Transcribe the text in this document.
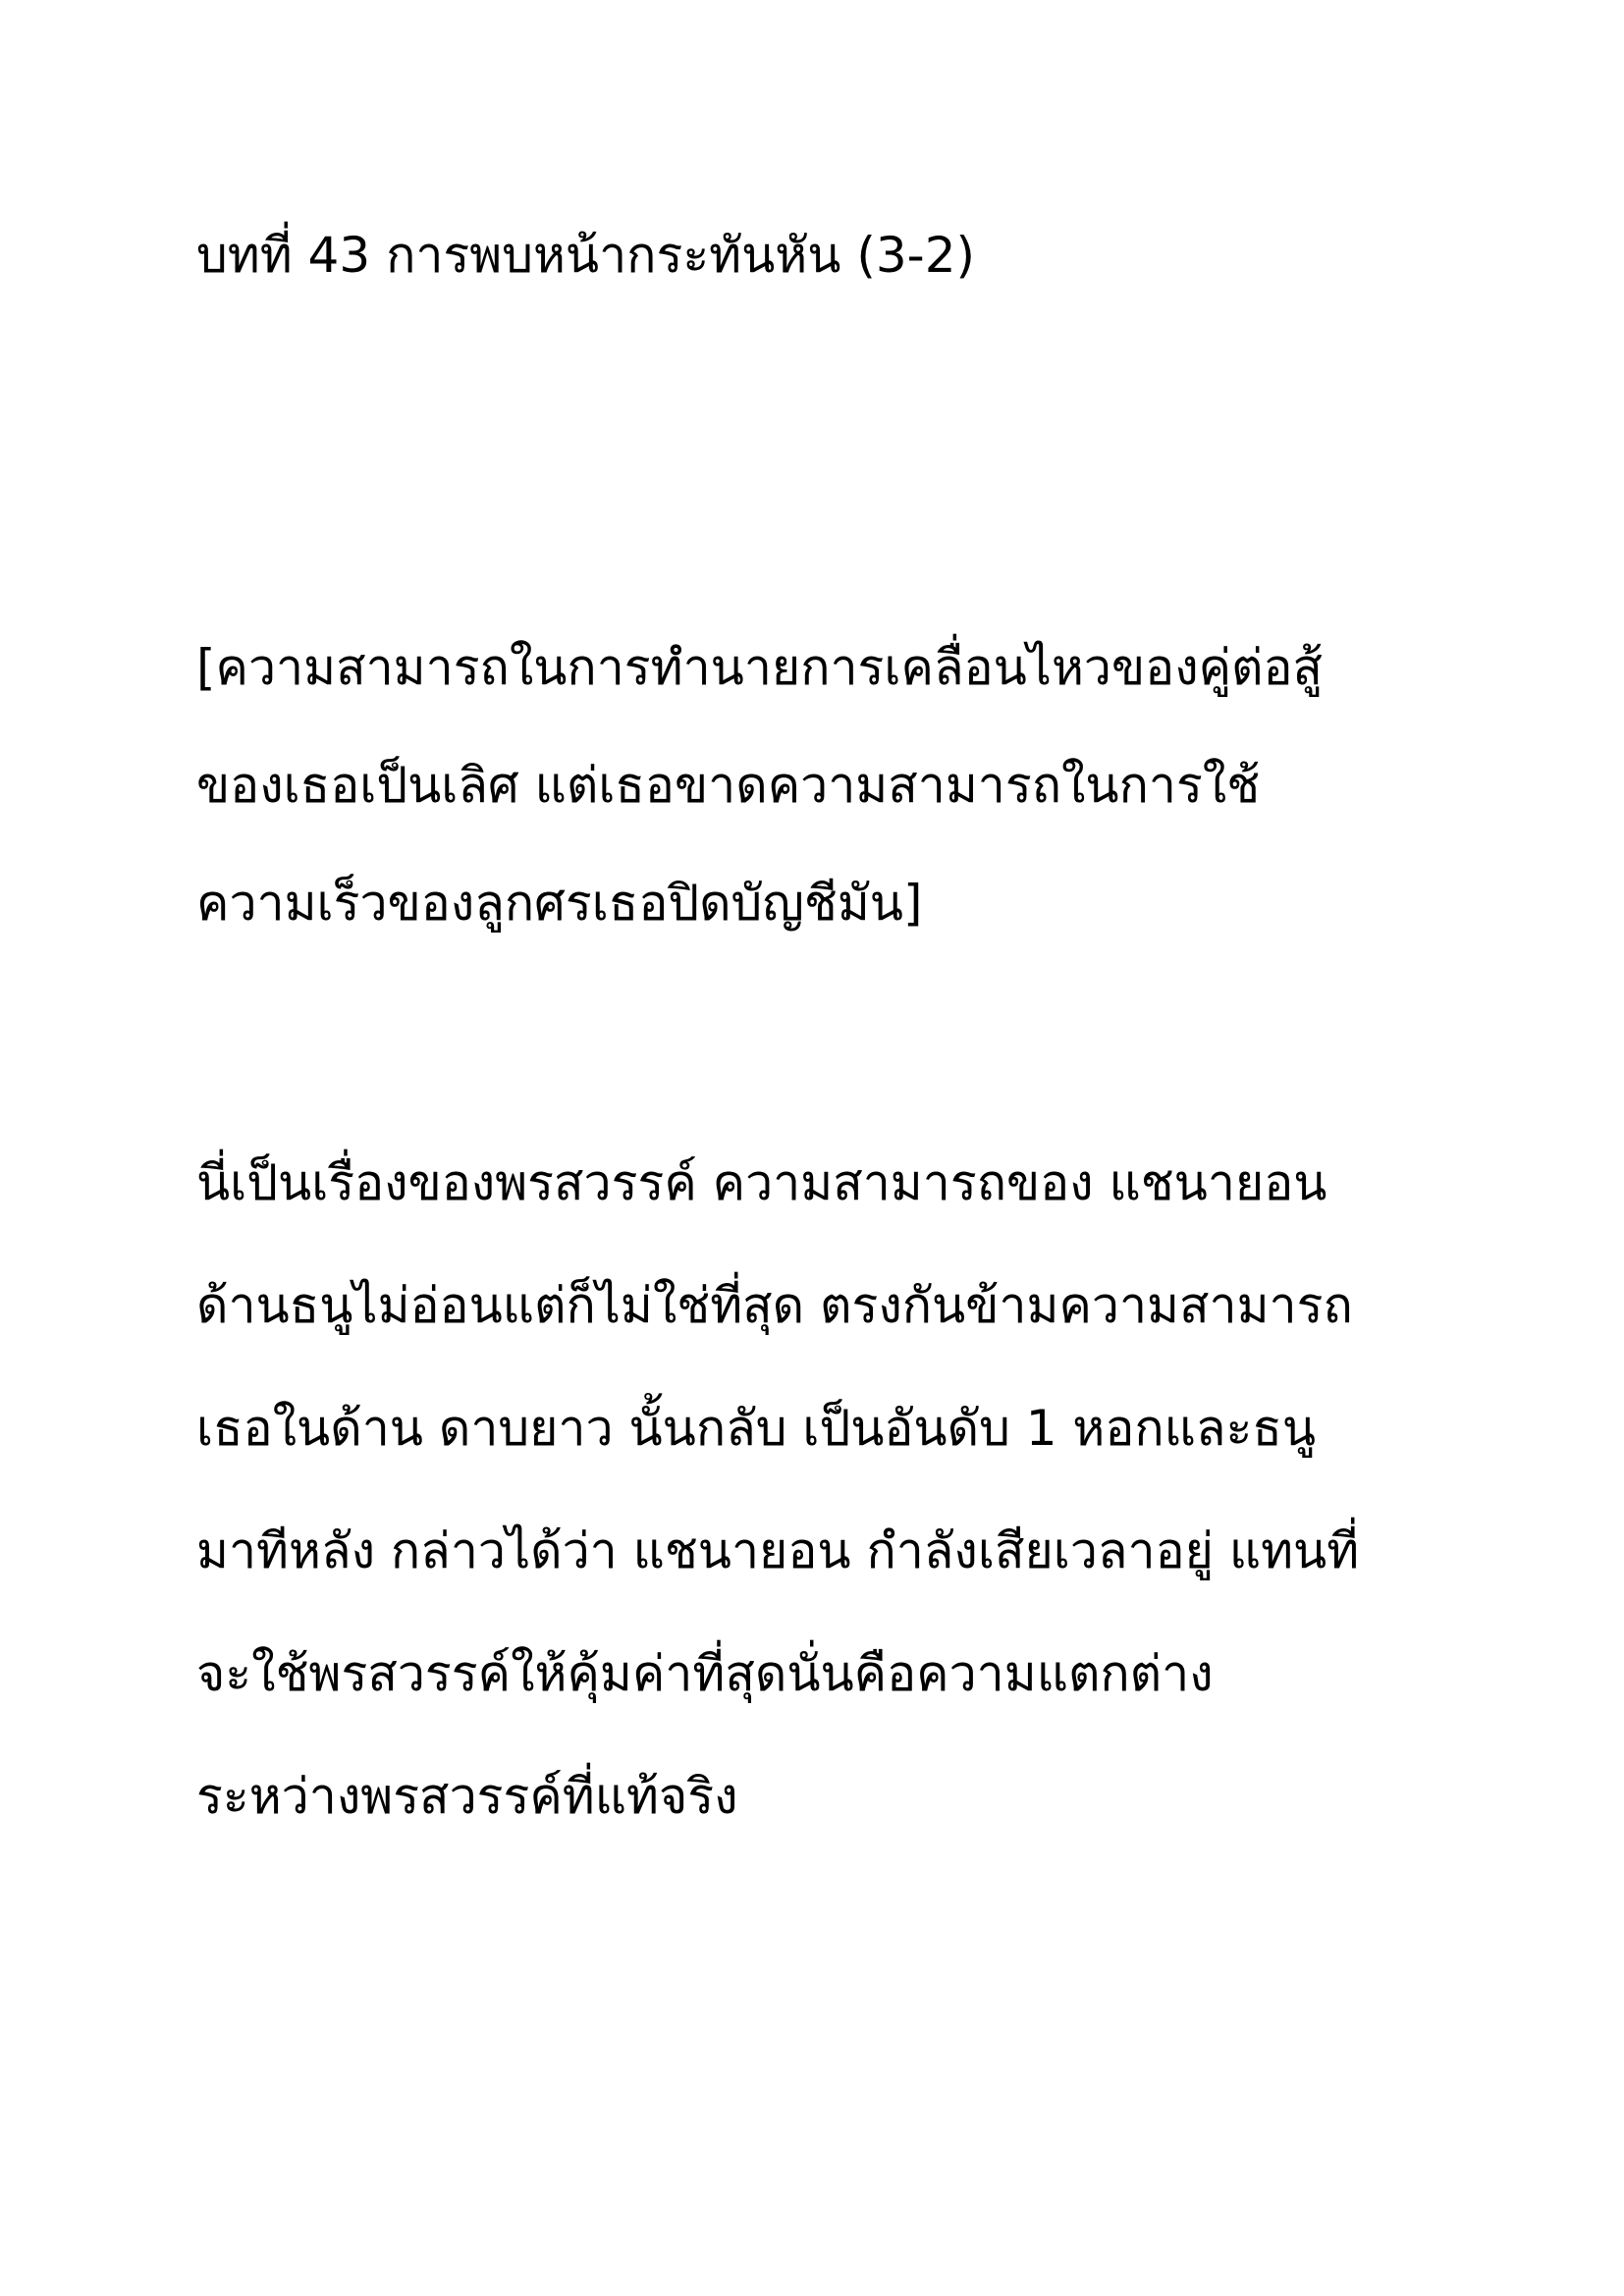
บทที่ 43 การพบหน้ากระทันหัน (3-2)
[ความสามารถในการทำนายการเคลื่อนไหวของคู่ต่อสู้
ของเธอเป็นเลิศ แต่เธอขาดความสามารถในการใช้
ความเร็วของลูกศรเธอปิดบัญชีมัน]
นี่เป็นเรื่องของพรสวรรค์ ความสามารถของ แชนายอน
ด้านธนูไม่อ่อนแต่ก็ไม่ใช่ที่สุด ตรงกันข้ามความสามารถ
เธอในด้าน ดาบยาว นั้นกลับ เป็นอันดับ 1 หอกและธนู
มาทีหลัง กล่าวได้ว่า แชนายอน กำลังเสียเวลาอยู่ แทนที่
จะใช้พรสวรรค์ให้คุ้มค่าที่สุดนั่นคือความแตกต่าง
ระหว่างพรสวรรค์ที่แท้จริง
